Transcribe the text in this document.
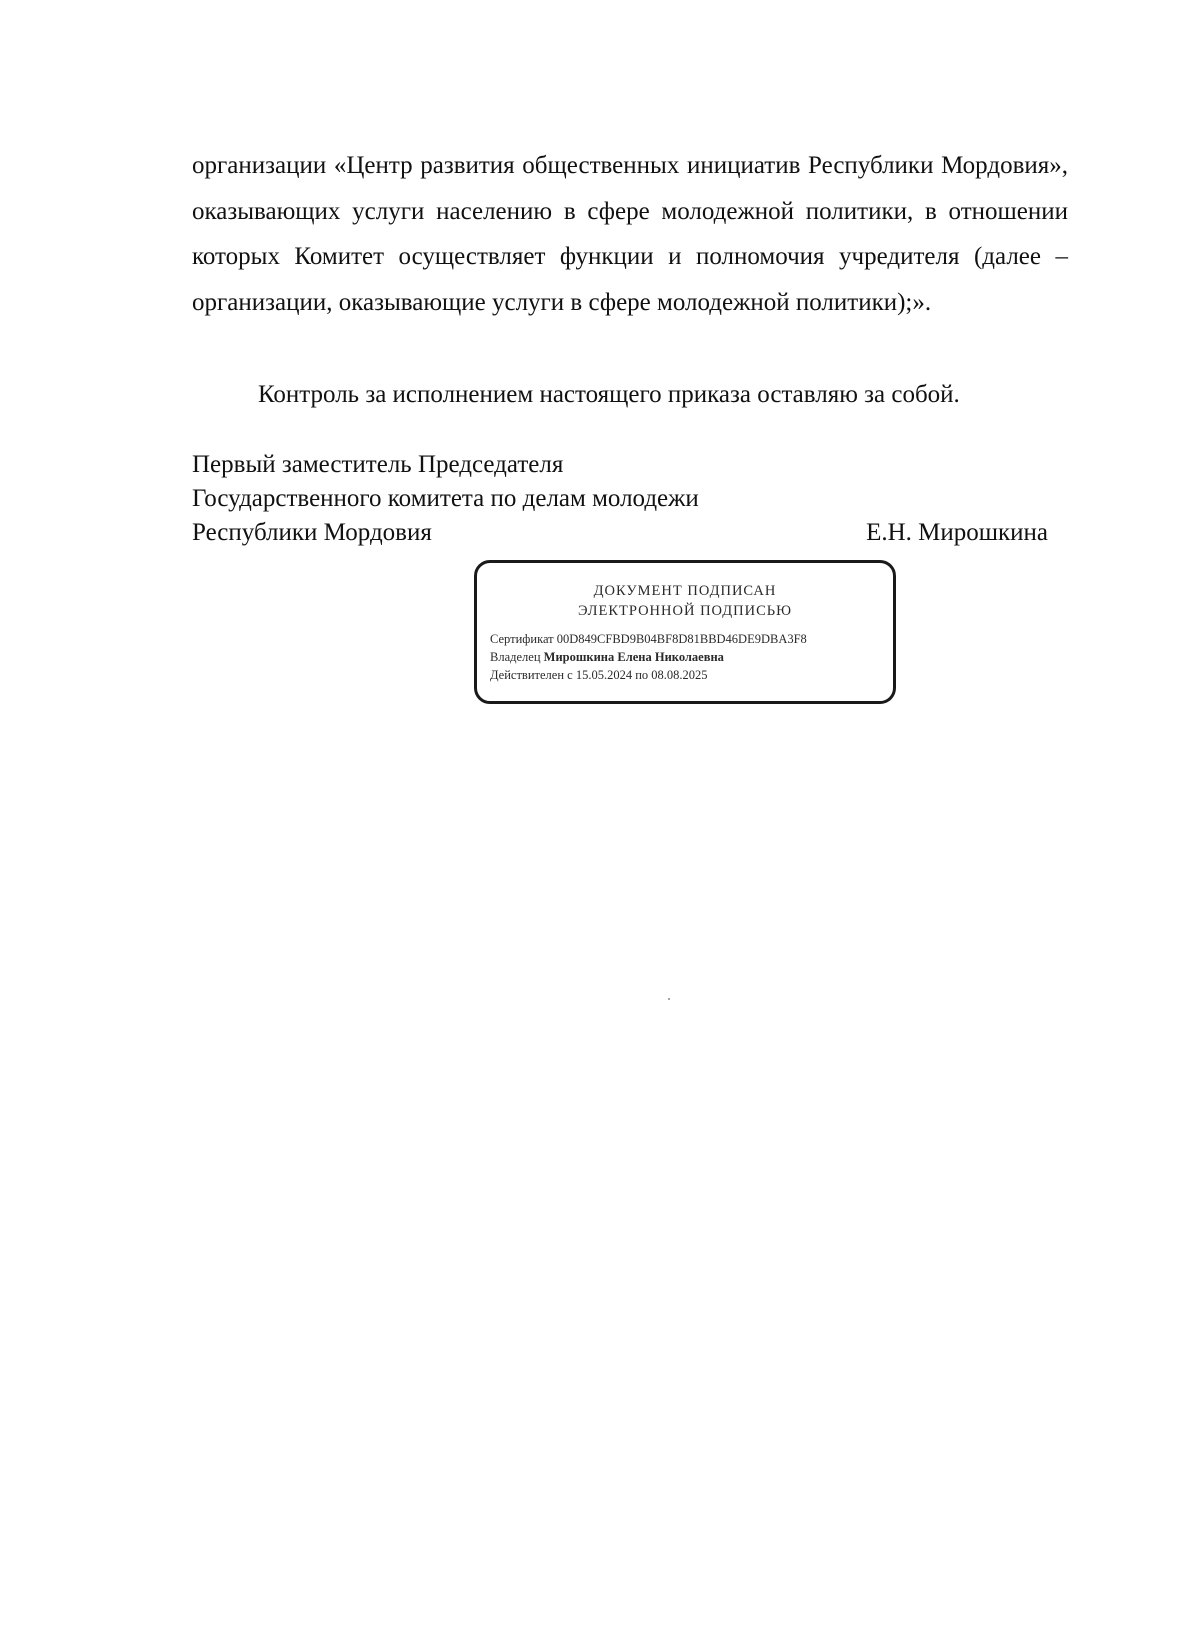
организации «Центр развития общественных инициатив Республики Мордовия», оказывающих услуги населению в сфере молодежной политики, в отношении которых Комитет осуществляет функции и полномочия учредителя (далее – организации, оказывающие услуги в сфере молодежной политики);».

Контроль за исполнением настоящего приказа оставляю за собой.

Первый заместитель Председателя
Государственного комитета по делам молодежи
Республики Мордовия	Е.Н. Мирошкина
ДОКУМЕНТ ПОДПИСАН
ЭЛЕКТРОННОЙ ПОДПИСЬЮ
Сертификат 00D849CFBD9B04BF8D81BBD46DE9DBA3F8
Владелец Мирошкина Елена Николаевна
Действителен с 15.05.2024 по 08.08.2025
